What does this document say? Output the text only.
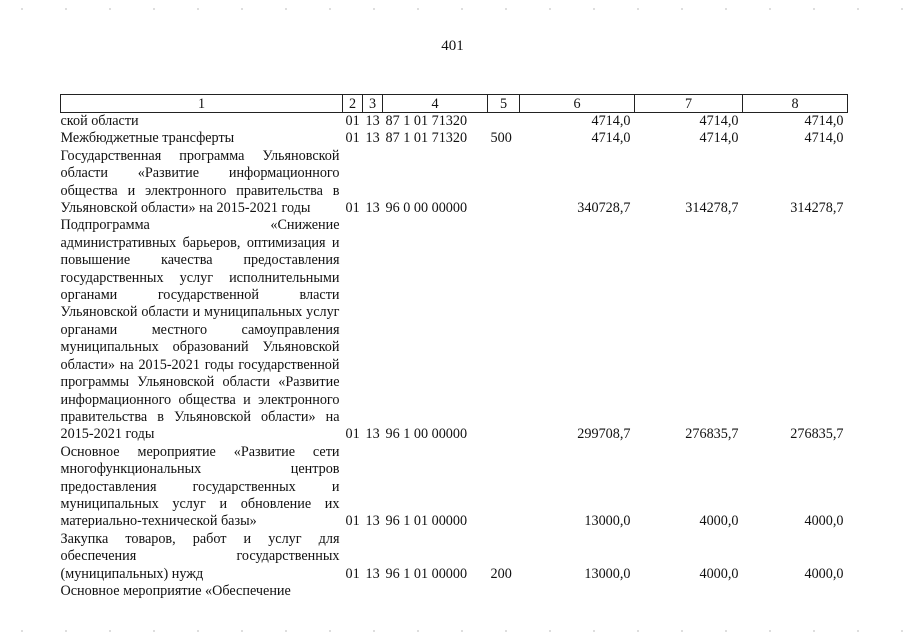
401
1	2	3	4	5	6	7	8
ской области	01	13	87 1 01 71320		4714,0	4714,0	4714,0
Межбюджетные трансферты	01	13	87 1 01 71320	500	4714,0	4714,0	4714,0
Государственная программа Ульяновской области «Развитие информационного общества и электронного правительства в Ульяновской области» на 2015-2021 годы	01	13	96 0 00 00000		340728,7	314278,7	314278,7
Подпрограмма «Снижение административных барьеров, оптимизация и повышение качества предоставления государственных услуг исполнительными органами государственной власти Ульяновской области и муниципальных услуг органами местного самоуправления муниципальных образований Ульяновской области» на 2015-2021 годы государственной программы Ульяновской области «Развитие информационного общества и электронного правительства в Ульяновской области» на 2015-2021 годы	01	13	96 1 00 00000		299708,7	276835,7	276835,7
Основное мероприятие «Развитие сети многофункциональных центров предоставления государственных и муниципальных услуг и обновление их материально-технической базы»	01	13	96 1 01 00000		13000,0	4000,0	4000,0
Закупка товаров, работ и услуг для обеспечения государственных (муниципальных) нужд	01	13	96 1 01 00000	200	13000,0	4000,0	4000,0
Основное мероприятие «Обеспечение							
